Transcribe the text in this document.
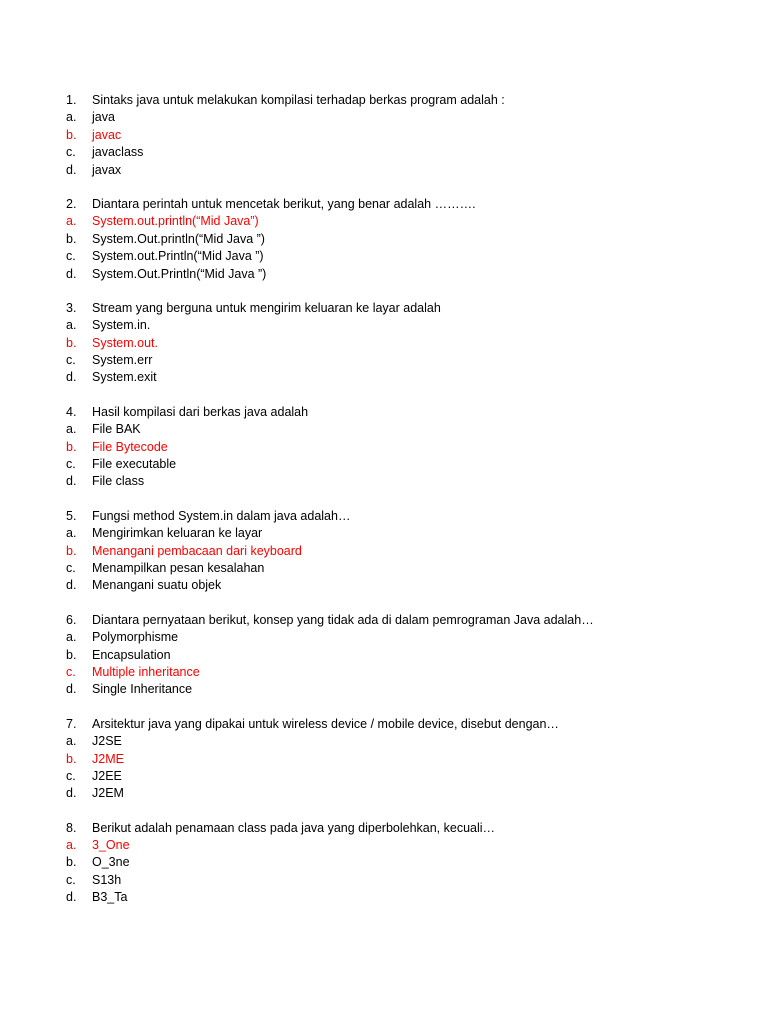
1.	Sintaks java untuk melakukan kompilasi terhadap berkas program adalah :
a.	java
b.	javac
c.	javaclass
d.	javax
2.	Diantara perintah untuk mencetak berikut, yang benar adalah ……….
a.	System.out.println(“Mid Java”)
b.	System.Out.println(“Mid Java ”)
c.	System.out.Println(“Mid Java ”)
d.	System.Out.Println(“Mid Java ”)
3.	Stream yang berguna untuk mengirim keluaran ke layar adalah
a.	System.in.
b.	System.out.
c.	System.err
d.	System.exit
4.	Hasil kompilasi dari berkas java adalah
a.	File BAK
b.	File Bytecode
c.	File executable
d.	File class
5.	Fungsi method System.in dalam java adalah…
a.	Mengirimkan keluaran ke layar
b.	Menangani pembacaan dari keyboard
c.	Menampilkan pesan kesalahan
d.	Menangani suatu objek
6.	Diantara pernyataan berikut, konsep yang tidak ada di dalam pemrograman Java adalah…
a.	Polymorphisme
b.	Encapsulation
c.	Multiple inheritance
d.	Single Inheritance
7.	Arsitektur java yang dipakai untuk wireless device / mobile device, disebut dengan…
a.	J2SE
b.	J2ME
c.	J2EE
d.	J2EM
8.	Berikut adalah penamaan class pada java yang diperbolehkan, kecuali…
a.	3_One
b.	O_3ne
c.	S13h
d.	B3_Ta
